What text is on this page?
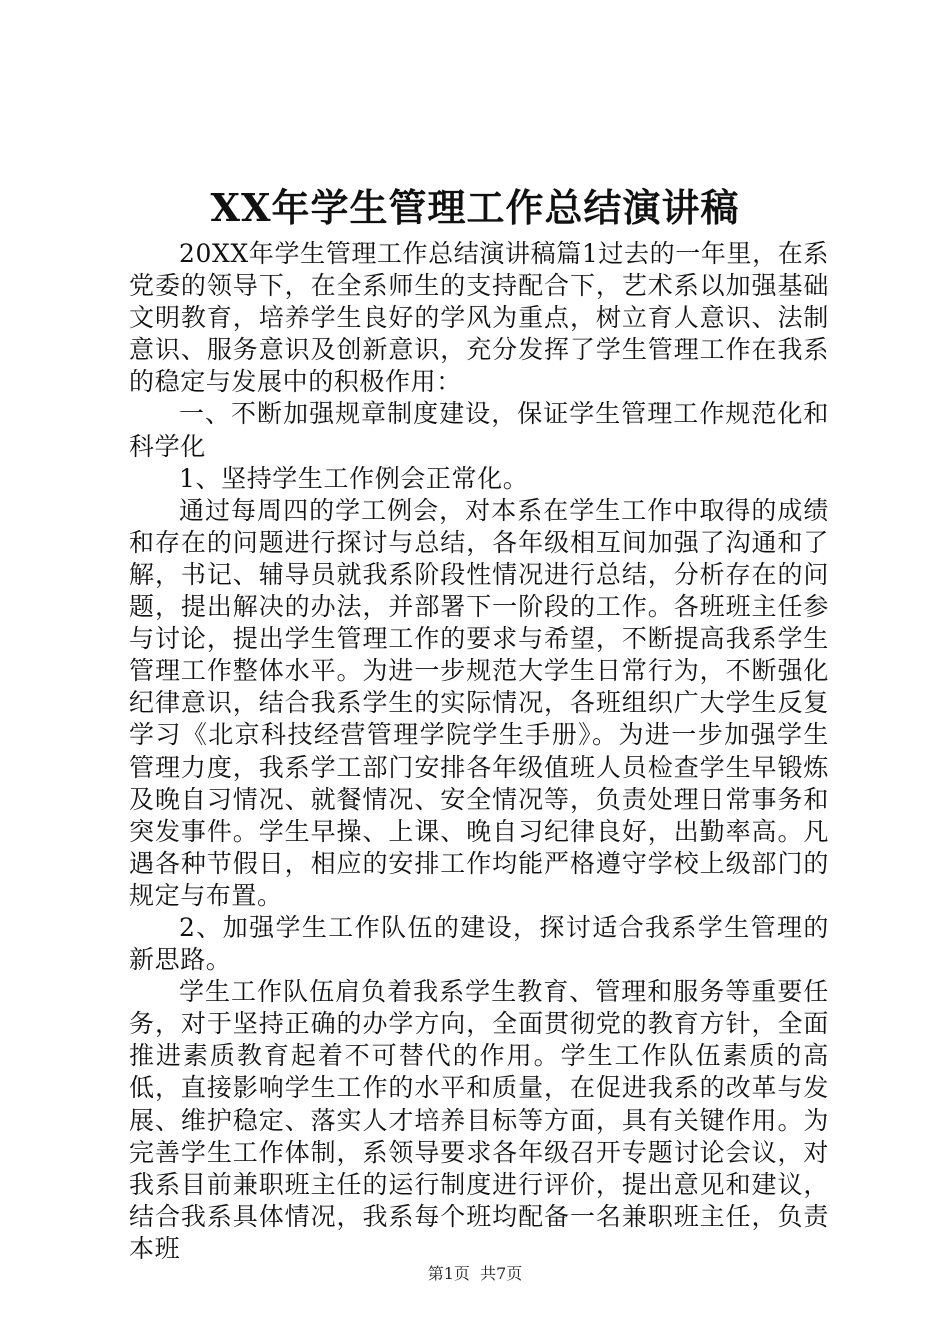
XX年学生管理工作总结演讲稿

20XX年学生管理工作总结演讲稿篇1过去的一年里，在系党委的领导下，在全系师生的支持配合下，艺术系以加强基础文明教育，培养学生良好的学风为重点，树立育人意识、法制意识、服务意识及创新意识，充分发挥了学生管理工作在我系的稳定与发展中的积极作用：

一、不断加强规章制度建设，保证学生管理工作规范化和科学化

1、坚持学生工作例会正常化。

通过每周四的学工例会，对本系在学生工作中取得的成绩和存在的问题进行探讨与总结，各年级相互间加强了沟通和了解，书记、辅导员就我系阶段性情况进行总结，分析存在的问题，提出解决的办法，并部署下一阶段的工作。各班班主任参与讨论，提出学生管理工作的要求与希望，不断提高我系学生管理工作整体水平。为进一步规范大学生日常行为，不断强化纪律意识，结合我系学生的实际情况，各班组织广大学生反复学习《北京科技经营管理学院学生手册》。为进一步加强学生管理力度，我系学工部门安排各年级值班人员检查学生早锻炼及晚自习情况、就餐情况、安全情况等，负责处理日常事务和突发事件。学生早操、上课、晚自习纪律良好，出勤率高。凡遇各种节假日，相应的安排工作均能严格遵守学校上级部门的规定与布置。

2、加强学生工作队伍的建设，探讨适合我系学生管理的新思路。

学生工作队伍肩负着我系学生教育、管理和服务等重要任务，对于坚持正确的办学方向，全面贯彻党的教育方针，全面推进素质教育起着不可替代的作用。学生工作队伍素质的高低，直接影响学生工作的水平和质量，在促进我系的改革与发展、维护稳定、落实人才培养目标等方面，具有关键作用。为完善学生工作体制，系领导要求各年级召开专题讨论会议，对我系目前兼职班主任的运行制度进行评价，提出意见和建议，结合我系具体情况，我系每个班均配备一名兼职班主任，负责本班

第1页 共7页
